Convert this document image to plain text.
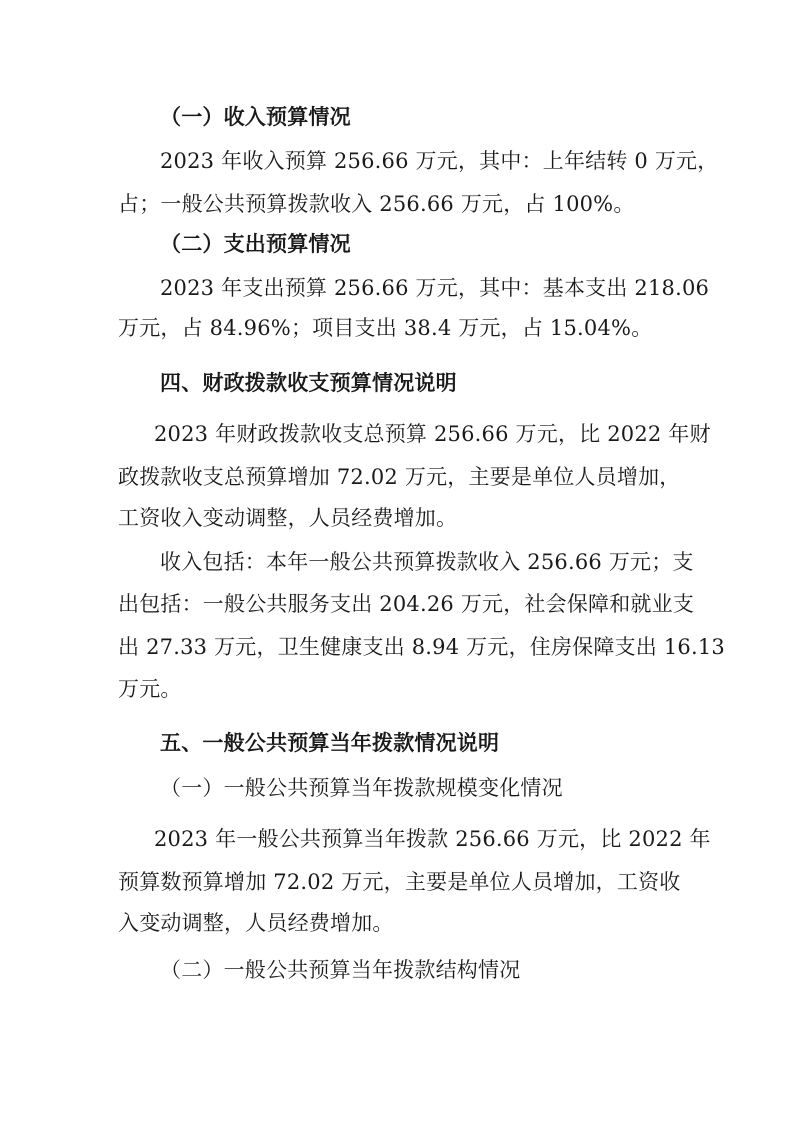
（一）收入预算情况
2023 年收入预算 256.66 万元，其中：上年结转 0 万元，
占；一般公共预算拨款收入 256.66 万元，占 100%。
（二）支出预算情况
2023 年支出预算 256.66 万元，其中：基本支出 218.06
万元，占 84.96%；项目支出 38.4 万元，占 15.04%。
四、财政拨款收支预算情况说明
2023 年财政拨款收支总预算 256.66 万元，比 2022 年财
政拨款收支总预算增加 72.02 万元，主要是单位人员增加，
工资收入变动调整，人员经费增加。
收入包括：本年一般公共预算拨款收入 256.66 万元；支
出包括：一般公共服务支出 204.26 万元，社会保障和就业支
出 27.33 万元，卫生健康支出 8.94 万元，住房保障支出 16.13
万元。
五、一般公共预算当年拨款情况说明
（一）一般公共预算当年拨款规模变化情况
2023 年一般公共预算当年拨款 256.66 万元，比 2022 年
预算数预算增加 72.02 万元，主要是单位人员增加，工资收
入变动调整，人员经费增加。
（二）一般公共预算当年拨款结构情况
